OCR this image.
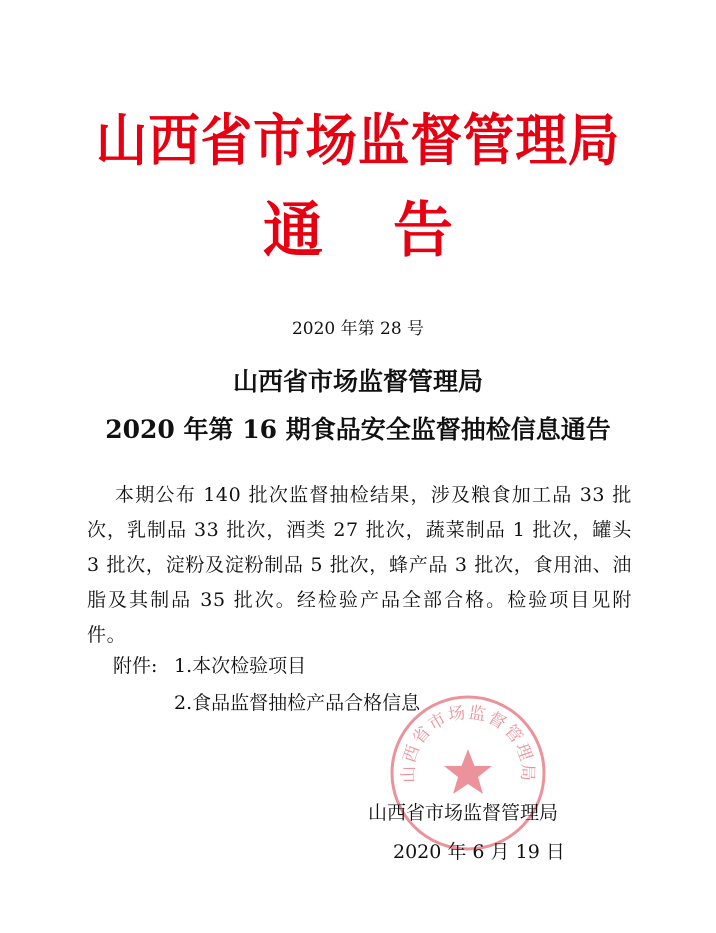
山西省市场监督管理局
通 告
2020 年第 28 号
山西省市场监督管理局
2020 年第 16 期食品安全监督抽检信息通告
本期公布 140 批次监督抽检结果，涉及粮食加工品 33 批次，乳制品 33 批次，酒类 27 批次，蔬菜制品 1 批次，罐头 3 批次，淀粉及淀粉制品 5 批次，蜂产品 3 批次，食用油、油脂及其制品 35 批次。经检验产品全部合格。检验项目见附件。
附件: 1.本次检验项目
2.食品监督抽检产品合格信息
山西省市场监督管理局
山西省市场监督管理局
2020 年 6 月 19 日
